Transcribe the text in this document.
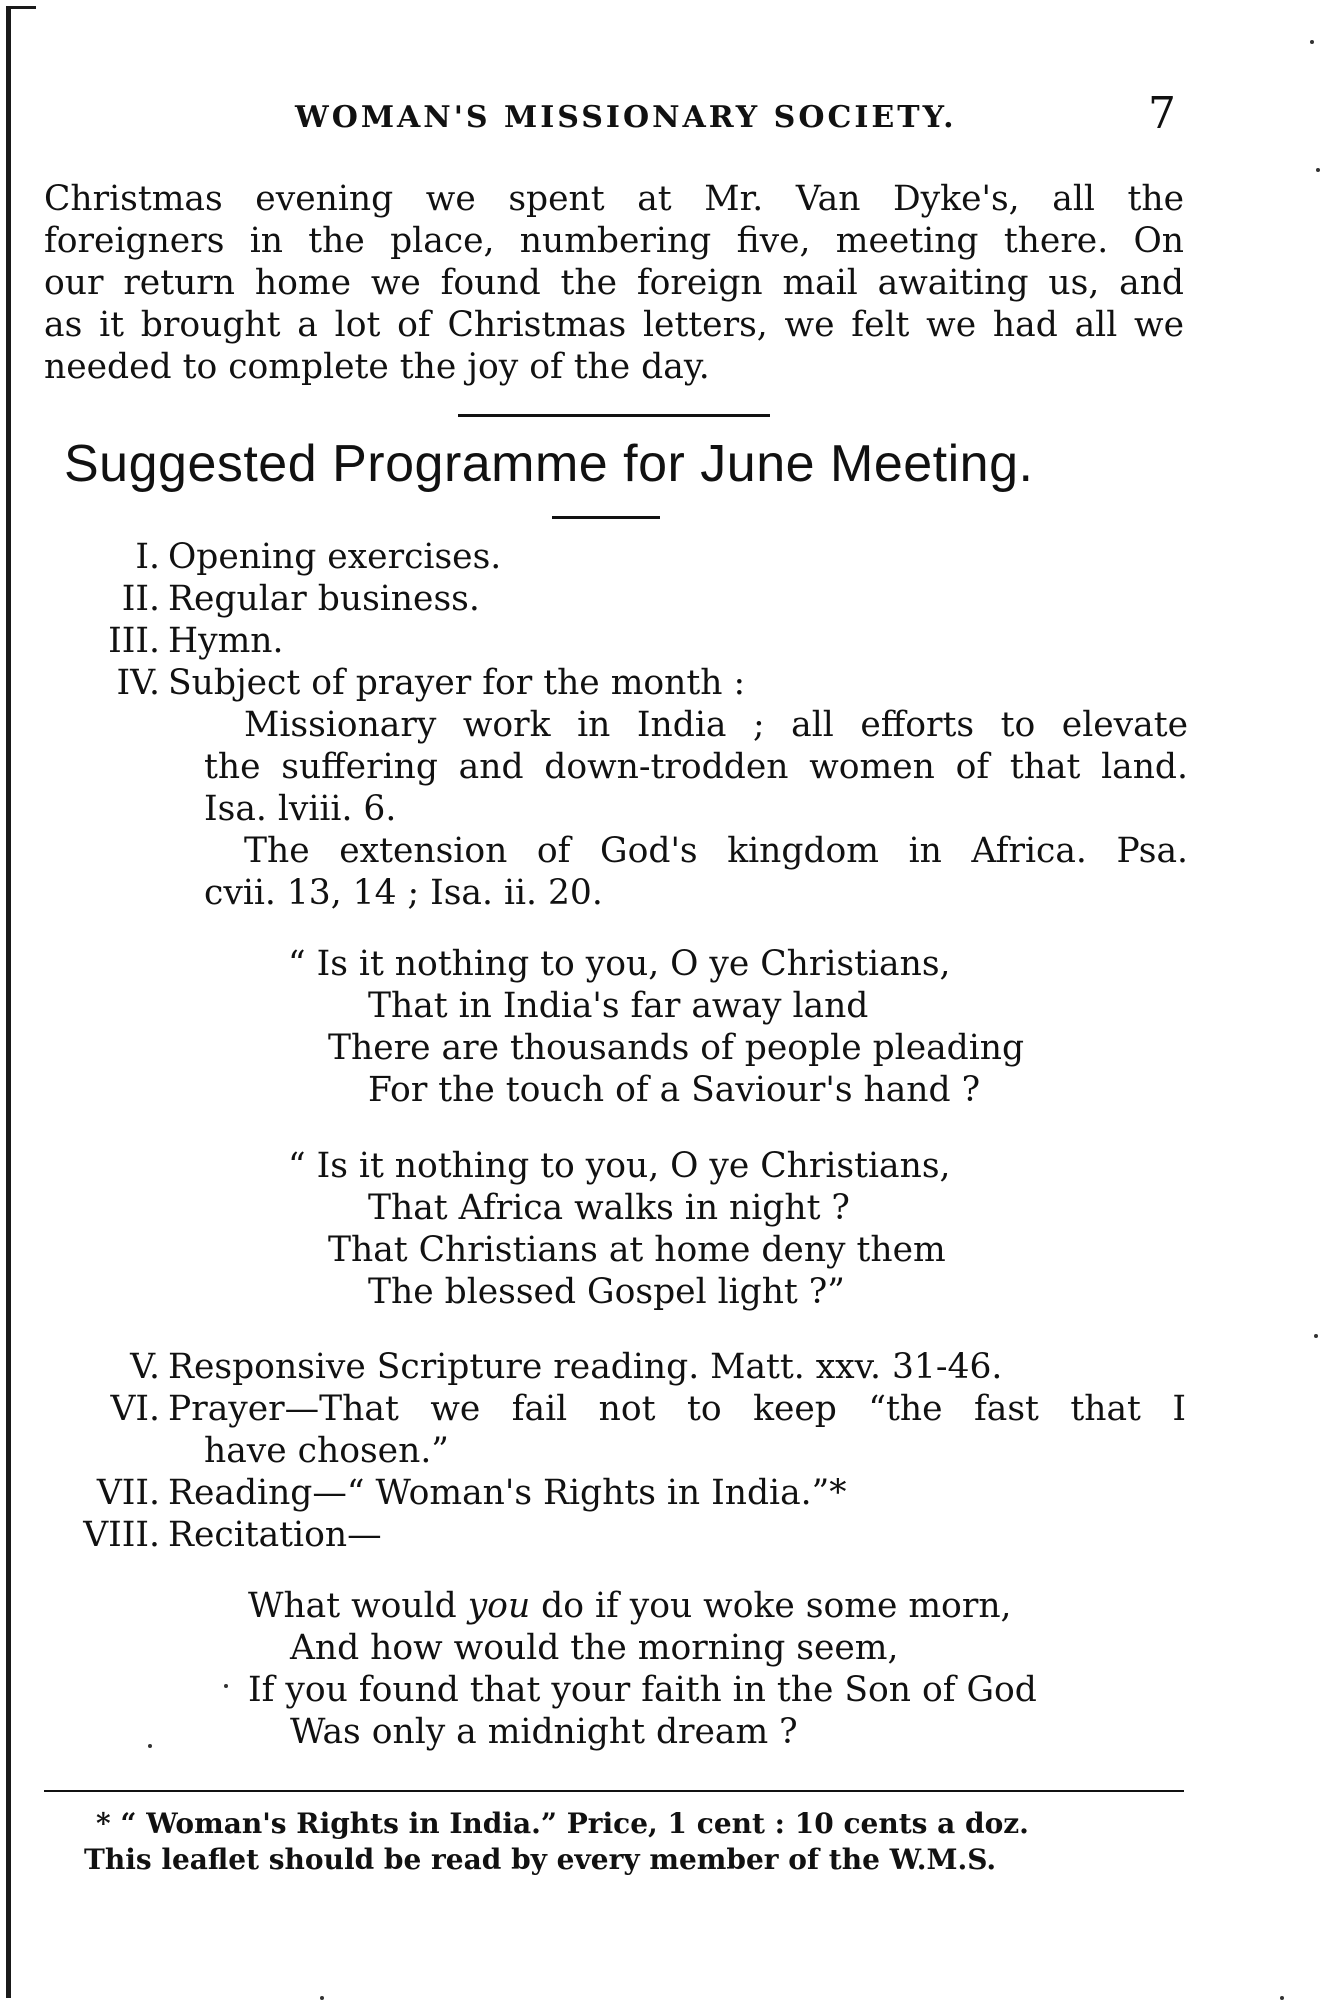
WOMAN'S MISSIONARY SOCIETY.	7
Christmas evening we spent at Mr. Van Dyke's, all the
foreigners in the place, numbering five, meeting there. On
our return home we found the foreign mail awaiting us, and
as it brought a lot of Christmas letters, we felt we had all we
needed to complete the joy of the day.
Suggested Programme for June Meeting.
I. Opening exercises.
II. Regular business.
III. Hymn.
IV. Subject of prayer for the month :
Missionary work in India ; all efforts to elevate
the suffering and down-trodden women of that land.
Isa. lviii. 6.
The extension of God's kingdom in Africa. Psa.
cvii. 13, 14 ; Isa. ii. 20.
“ Is it nothing to you, O ye Christians,
That in India's far away land
There are thousands of people pleading
For the touch of a Saviour's hand ?
“ Is it nothing to you, O ye Christians,
That Africa walks in night ?
That Christians at home deny them
The blessed Gospel light ?”
V. Responsive Scripture reading. Matt. xxv. 31-46.
VI. Prayer—That we fail not to keep “the fast that I
have chosen.”
VII. Reading—“ Woman's Rights in India.”*
VIII. Recitation—
What would you do if you woke some morn,
And how would the morning seem,
If you found that your faith in the Son of God
Was only a midnight dream ?
* “ Woman's Rights in India.” Price, 1 cent : 10 cents a doz.
This leaflet should be read by every member of the W.M.S.
